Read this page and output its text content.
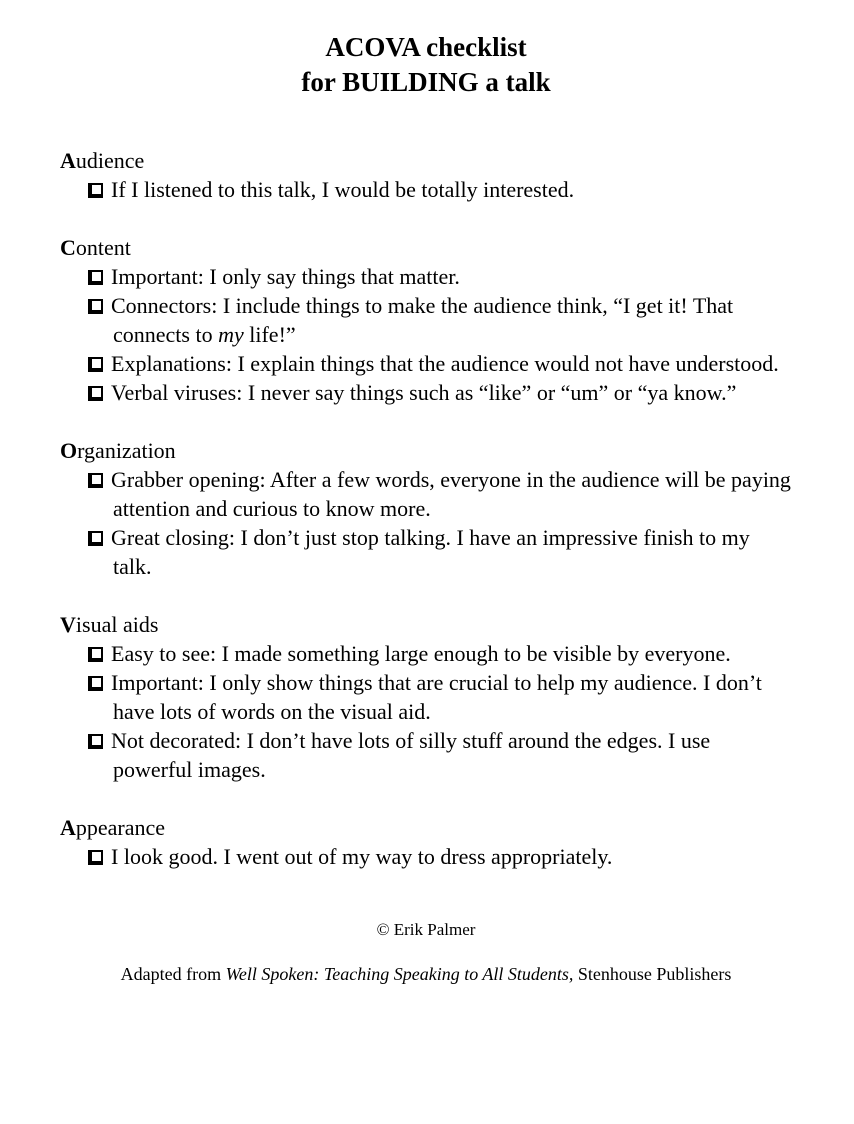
ACOVA checklist
for BUILDING a talk
Audience
If I listened to this talk, I would be totally interested.
Content
Important: I only say things that matter.
Connectors: I include things to make the audience think, “I get it! That connects to my life!”
Explanations: I explain things that the audience would not have understood.
Verbal viruses: I never say things such as “like” or “um” or “ya know.”
Organization
Grabber opening: After a few words, everyone in the audience will be paying attention and curious to know more.
Great closing: I don’t just stop talking. I have an impressive finish to my talk.
Visual aids
Easy to see: I made something large enough to be visible by everyone.
Important: I only show things that are crucial to help my audience. I don’t have lots of words on the visual aid.
Not decorated: I don’t have lots of silly stuff around the edges. I use powerful images.
Appearance
I look good. I went out of my way to dress appropriately.
© Erik Palmer
Adapted from Well Spoken: Teaching Speaking to All Students, Stenhouse Publishers
